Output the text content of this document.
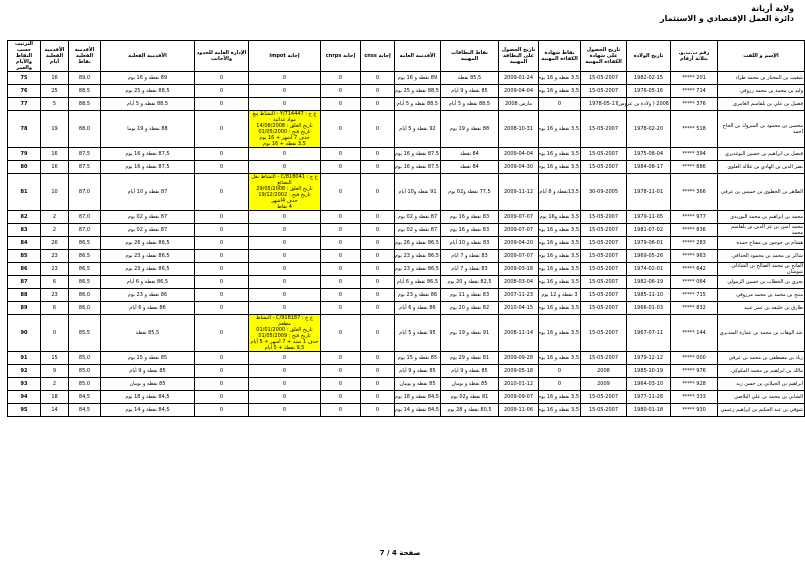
ولاية أريانة
دائرة العمل الإقتصادي و الاستثمار
الإسم و اللقب	رقم ب.ت.و. بثلاثة أرقام	تاريخ الولادة	تاريخ الحصول على شهادة الكفاءة المهنية	نقاط شهادة الكفاءة المهنية	تاريخ الحصول على البطاقة المهنية	نقاط البطاقات المهنية	الأقدمية العامة	إجابة cnss	إجابة cnrps	إجابة impot	الإدارة العامة للحدود والأجانب	الأقدمية الفعلية	الأقدمية الفعلية نقاط	الأقدمية الفعلية أيام	الترتيب حسب النقاط والأيام والعمر
شعيب بن المختار بن محمد طراد	201 *****	1982-02-15	15-05-2007	3,5 نقطة و 16 يوم	2009-01-24	85,5 نقطة	89 نقطة و 16 يوم	0	0	0	0	89 نقطة و 16 يوم	89,0	16	75
وليد بن محمد بن محمد زروقي	714 *****	1976-05-16	15-05-2007	3,5 نقطة و 16 يوم	2009-04-04	85 نقطة و 9 أيام	88,5 نقطة و 25 يوم	0	0	0	0	88,5 نقطة و 25 يوم	88,5	25	76
فضيل بن علي بن بلقاسم العامري	376 *****	2006 ( ولادة بن عروس)	1978-05-17	0	مارس 2008	88,5 نقطة و 5 أيام	88,5 نقطة و 5 أيام	0	0	0	0	88,5 نقطة و 5 أيام	88,5	5	77
محسن بن محمود بن المبروك بن الحاج احمد	518 *****	1978-02-20	15-05-2007	3,5 نقطة و 16 يوم	2008-10-31	88 نقطة و 19 يوم	92 نقطة و 5 أيام	0	0	ع ج : Y/714447 - النشاط بيع مواد غذائية
تاريخ الغلق : 14/08/2008
تاريخ فتح : 01/05/2000
حذف 7 أشهر + 16 يوم
3,5 نقطة + 16 يوم	0	88 نقطة و 19 يوما	88,0	19	78
فيصل بن ابراهيم بن حسين البوغديري	394 *****	1975-08-04	15-05-2007	3,5 نقطة و 16 يوم	2009-04-04	84 نقطة	87,5 نقطة و 16 يوم	0	0	0	0	87,5 نقطة و 16 يوم	87,5	16	79
نصر الدين بن الهادي بن علالة العلوي	886 *****	1984-08-17	15-05-2007	3,5 نقطة و 16 يوم	2009-04-30	84 نقطة	87,5 نقطة و 16 يوم	0	0	0	0	87,5 نقطة و 16 يوم	87,5	16	80
الطاهر بن الحطوي بن خميس بن عرفي	366 *****	1978-11-01	30-09-2005	13,5نقطة و 8 أيام	2009-11-12	77,5 نقطة و02 يوم	91 نقطة و10 أيام	0	0	ع ج : C/818041 - النشاط نقل البضائع
تاريخ الغلق : 29/05/2008
تاريخ فتح : 19/12/2002
حذف 4أشهر
4 نقاط	0	87 نقطة و 10 أيام	87,0	10	81
محمد بن ابراهيم بن محمد البوزيدي	977 *****	1979-11-05	15-05-2007	3,5 نقطة و16 يوم	2009-07-07	83 نقطة و 16 يوم	87 نقطة و 02 يوم	0	0	0	0	87 نقطة و 02 يوم	87,0	2	82
محمد أمين بن عز الدين بن بلقاسم محمد	836 *****	1981-07-02	15-05-2007	3,5 نقطة و 16 يوم	2009-07-07	83 نقطة و 16 يوم	87 نقطة و 02 يوم	0	0	0	0	87 نقطة و 02 يوم	87,0	2	83
هشام بن جوجور بن مفتاح حمده	283 *****	1979-06-01	15-05-2007	3,5 نقطة و 16 يوم	2009-04-20	83 نقطة و 10 أيام	86,5 نقطة و 26 يوم	0	0	0	0	86,5 نقطة و 26 يوم	86,5	26	84
شاكر بن محمد بن محمود الحداقي	963 *****	1969-05-26	15-05-2007	3,5 نقطة و 16 يوم	2009-07-07	83 نقطة و 7 أيام	86,5 نقطة و 23 يوم	0	0	0	0	86,5 نقطة و 23 يوم	86,5	23	85
الفاتح بن محمد الصالح بن الشاذلي شوشان	642 *****	1974-02-01	15-05-2007	3,5 نقطة و 16 يوم	2009-03-18	83 نقطة و 7 أيام	86,5 نقطة و 23 يوم	0	0	0	0	86,5 نقطة و 23 يوم	86,5	23	86
بحري بن الخطاب بن حسين الزمولي	064 *****	1982-06-19	15-05-2007	3,5 نقطة و 16 يوم	2008-03-04	82,5 نقطة و 20 يوم	86,5 نقطة و 6 أيام	0	0	0	0	86,5 نقطة و 6 أيام	86,5	6	87
منتج بن محمد بن محمد مرزوقي	715 *****	1985-11-10	15-05-2007	3 نقطة و 12 يوم	2007-11-23	83 نقطة و 11 يوم	86 نقطة و 23 يوم	0	0	0	0	86 نقطة و 23 يوم	86,0	23	88
طارق بن خليفة بن عمر عبيد	832 *****	1966-01-03	15-05-2007	3,5 نقطة و 16 يوم	2010-04-15	82 نقطة و 20 يوم	86 نقطة و 6 أيام	0	0	0	0	86 نقطة و 6 أيام	86,0	6	89
عبد الوهاب بن محمد بن عمارة السديري	144 *****	1967-07-11	15-05-2007	3,5 نقطة و 16 يوم	2008-11-14	91 نقطة و 19 يوم	95 نقطة و 5 أيام	0	0	ع ج : C/918187 - النشاط مطعم
تاريخ الغلق : 01/01/2000
تاريخ فتح : 01/05/2009
حذف 1 سنة + 7 أشهر + 5 أيام
9,5 نقطة + 5 أيام	0	85,5 نقطة	85,5	0	90
زياد بن مصطفى بن محمد بن عرفي	000 *****	1979-12-12	15-05-2007	3,5 نقطة و 16 يوم	2009-09-28	81 نقطة و 29 يوم	85 نقطة و 15 يوم	0	0	0	0	85 نقطة و 15 يوم	85,0	15	91
مالك بن ابراهيم بن محمد المكوكي	976 *****	1985-10-19	2008	0	2009-05-18	85 نقطة و 9 أيام	85 نقطة و 9 أيام	0	0	0	0	85 نقطة و 9 أيام	85,0	9	92
ابراهيم بن الجيلاني بن حسن زيد	928 *****	1964-03-10	2009	0	2010-01-12	85 نقطة و يومان	85 نقطة و يومان	0	0	0	0	85 نقطة و يومان	85,0	2	93
الشابي بن محمد بن علي البلاصي	333 *****	1977-11-28	15-05-2007	3,5 نقطة و 16 يوم	2009-09-07	81 نقطة و02 يوم	84,5 نقطة و 18 يوم	0	0	0	0	84,5 نقطة و 18 يوم	84,5	18	94
شوقي بن عبد الحكيم بن ابراهيم زعيمي	930 *****	1980-01-18	15-05-2007	3,5 نقطة و 16 يوم	2009-11-06	80,5 نقطة و 28 يوم	84,5 نقطة و 14 يوم	0	0	0	0	84,5 نقطة و 14 يوم	84,5	14	95
صفحة 4 / 7
